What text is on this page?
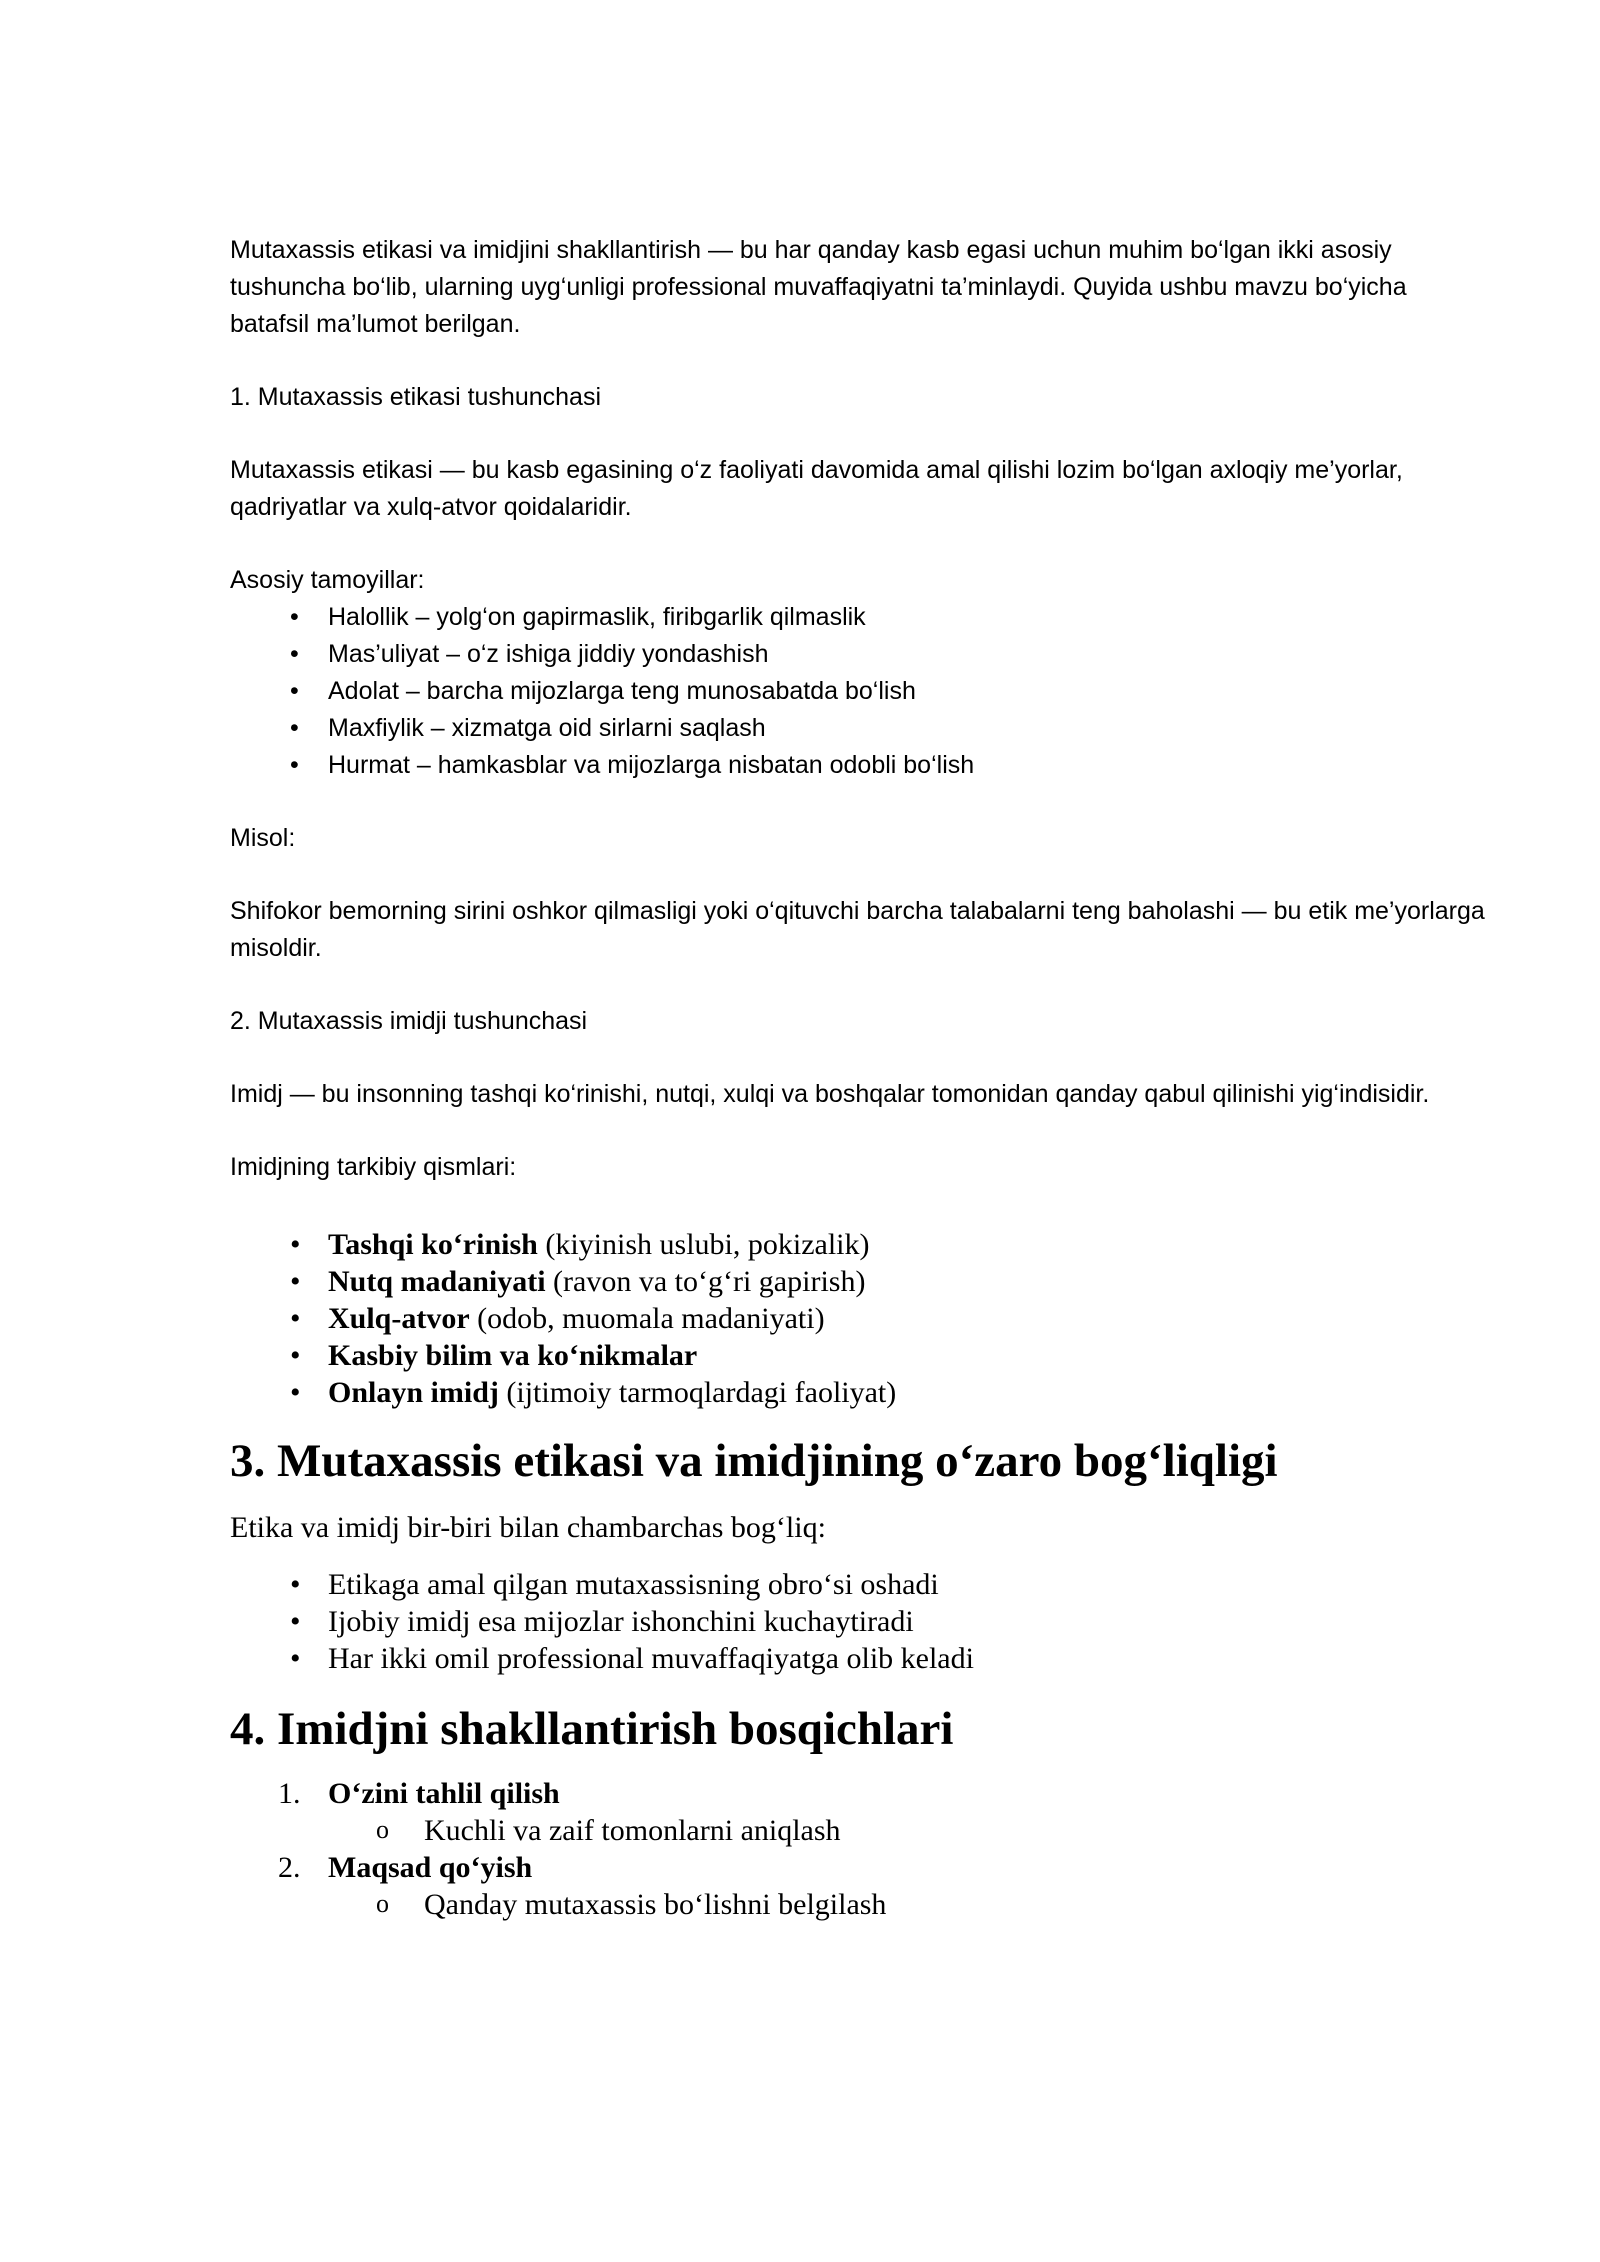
Mutaxassis etikasi va imidjini shakllantirish — bu har qanday kasb egasi uchun muhim bo‘lgan ikki asosiy tushuncha bo‘lib, ularning uyg‘unligi professional muvaffaqiyatni ta’minlaydi. Quyida ushbu mavzu bo‘yicha batafsil ma’lumot berilgan.

1. Mutaxassis etikasi tushunchasi

Mutaxassis etikasi — bu kasb egasining o‘z faoliyati davomida amal qilishi lozim bo‘lgan axloqiy me’yorlar, qadriyatlar va xulq-atvor qoidalaridir.

Asosiy tamoyillar:

• Halollik – yolg‘on gapirmaslik, firibgarlik qilmaslik
• Mas’uliyat – o‘z ishiga jiddiy yondashish
• Adolat – barcha mijozlarga teng munosabatda bo‘lish
• Maxfiylik – xizmatga oid sirlarni saqlash
• Hurmat – hamkasblar va mijozlarga nisbatan odobli bo‘lish

Misol:

Shifokor bemorning sirini oshkor qilmasligi yoki o‘qituvchi barcha talabalarni teng baholashi — bu etik me’yorlarga misoldir.

2. Mutaxassis imidji tushunchasi

Imidj — bu insonning tashqi ko‘rinishi, nutqi, xulqi va boshqalar tomonidan qanday qabul qilinishi yig‘indisidir.

Imidjning tarkibiy qismlari:

• Tashqi ko‘rinish (kiyinish uslubi, pokizalik)
• Nutq madaniyati (ravon va to‘g‘ri gapirish)
• Xulq-atvor (odob, muomala madaniyati)
• Kasbiy bilim va ko‘nikmalar
• Onlayn imidj (ijtimoiy tarmoqlardagi faoliyat)
3. Mutaxassis etikasi va imidjining o‘zaro bog‘liqligi

Etika va imidj bir-biri bilan chambarchas bog‘liq:

• Etikaga amal qilgan mutaxassisning obro‘si oshadi
• Ijobiy imidj esa mijozlar ishonchini kuchaytiradi
• Har ikki omil professional muvaffaqiyatga olib keladi
4. Imidjni shakllantirish bosqichlari
1. O‘zini tahlil qilish
o Kuchli va zaif tomonlarni aniqlash
2. Maqsad qo‘yish
o Qanday mutaxassis bo‘lishni belgilash
